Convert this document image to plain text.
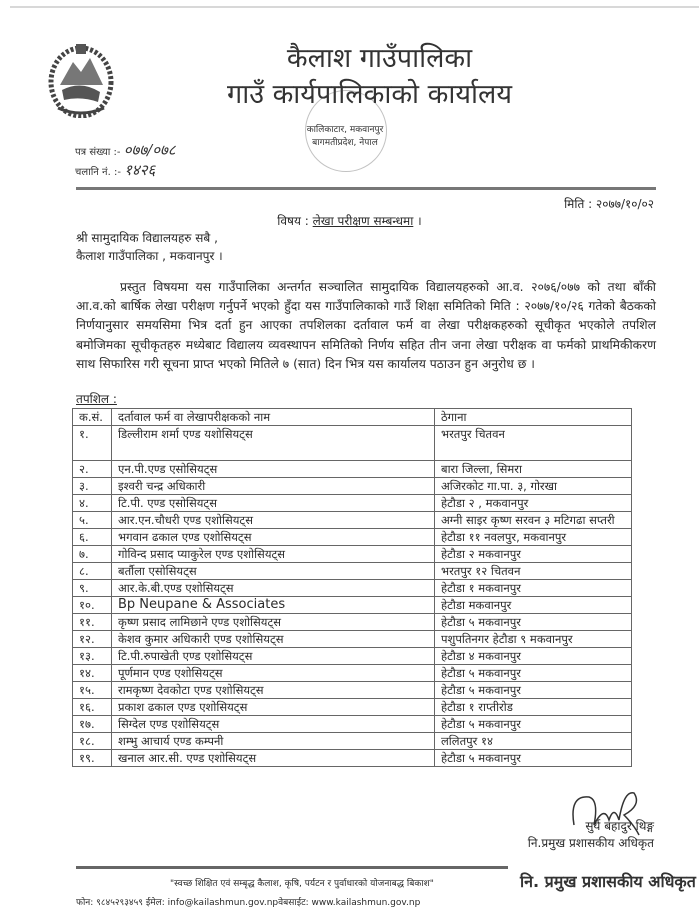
कैलाश गाउँपालिका
गाउँ कार्यपालिकाको कार्यालय
कालिकाटार, मकवानपुर
बागमतीप्रदेश, नेपाल
पत्र संख्या :- ०७७/०७८
चलानि नं. :- १४२६
मिति : २०७७/१०/०२
विषय : लेखा परीक्षण सम्बन्धमा ।
श्री सामुदायिक विद्यालयहरु सबै ,
कैलाश गाउँपालिका , मकवानपुर ।
प्रस्तुत विषयमा यस गाउँपालिका अन्तर्गत सञ्चालित सामुदायिक विद्यालयहरुको आ.व. २०७६/०७७ को तथा बाँकी आ.व.को बार्षिक लेखा परीक्षण गर्नुपर्ने भएको हुँदा यस गाउँपालिकाको गाउँ शिक्षा समितिको मिति : २०७७/१०/२६ गतेको बैठकको निर्णयानुसार समयसिमा भित्र दर्ता हुन आएका तपशिलका दर्तावाल फर्म वा लेखा परीक्षकहरुको सूचीकृत भएकोले तपशिल बमोजिमका सूचीकृतहरु मध्येबाट विद्यालय व्यवस्थापन समितिको निर्णय सहित तीन जना लेखा परीक्षक वा फर्मको प्राथमिकीकरण साथ सिफारिस गरी सूचना प्राप्त भएको मितिले ७ (सात) दिन भित्र यस कार्यालय पठाउन हुन अनुरोध छ ।
तपशिल :
क.सं.	दर्तावाल फर्म वा लेखापरीक्षकको नाम	ठेगाना
१.	डिल्लीराम शर्मा एण्ड यशोसियट्स	भरतपुर चितवन
२.	एन.पी.एण्ड एसोसियट्स	बारा जिल्ला, सिमरा
३.	इश्वरी चन्द्र अधिकारी	अजिरकोट गा.पा. ३, गोरखा
४.	टि.पी. एण्ड एसोसियट्स	हेटौडा २ , मकवानपुर
५.	आर.एन.चौधरी एण्ड एशोसियट्स	अग्नी साइर कृष्ण सरवन ३ मटिगढा सप्तरी
६.	भगवान ढकाल एण्ड एशोसियट्स	हेटौडा ११ नवलपुर, मकवानपुर
७.	गोविन्द प्रसाद प्याकुरेल एण्ड एशोसियट्स	हेटौडा २ मकवानपुर
८.	बर्तौला एसोसियट्स	भरतपुर १२ चितवन
९.	आर.के.बी.एण्ड एशोसियट्स	हेटौडा १ मकवानपुर
१०.	Bp Neupane & Associates	हेटौडा मकवानपुर
११.	कृष्ण प्रसाद लामिछाने एण्ड एशोसियट्स	हेटौडा ५ मकवानपुर
१२.	केशव कुमार अधिकारी एण्ड एशोसियट्स	पशुपतिनगर हेटौडा ९ मकवानपुर
१३.	टि.पी.रुपाखेती एण्ड एशोसियट्स	हेटौडा ४ मकवानपुर
१४.	पूर्णमान एण्ड एशोसियट्स	हेटौडा ५ मकवानपुर
१५.	रामकृष्ण देवकोटा एण्ड एशोसियट्स	हेटौडा ५ मकवानपुर
१६.	प्रकाश ढकाल एण्ड एशोसियट्स	हेटौडा १ राप्तीरोड
१७.	सिग्देल एण्ड एशोसियट्स	हेटौडा ५ मकवानपुर
१८.	शम्भु आचार्य एण्ड कम्पनी	ललितपुर १४
१९.	खनाल आर.सी. एण्ड एशोसियट्स	हेटौडा ५ मकवानपुर
सुर्य बहादुर थिङ्ग
नि.प्रमुख प्रशासकीय अधिकृत
"स्वच्छ शिक्षित एवं सम्बृद्ध कैलाश, कृषि, पर्यटन र पुर्वाधारको योजनाबद्ध बिकाश"	नि. प्रमुख प्रशासकीय अधिकृत
फोन: ९८४५२९३४५९ ईमेल: info@kailashmun.gov.npवेबसाईट: www.kailashmun.gov.np
